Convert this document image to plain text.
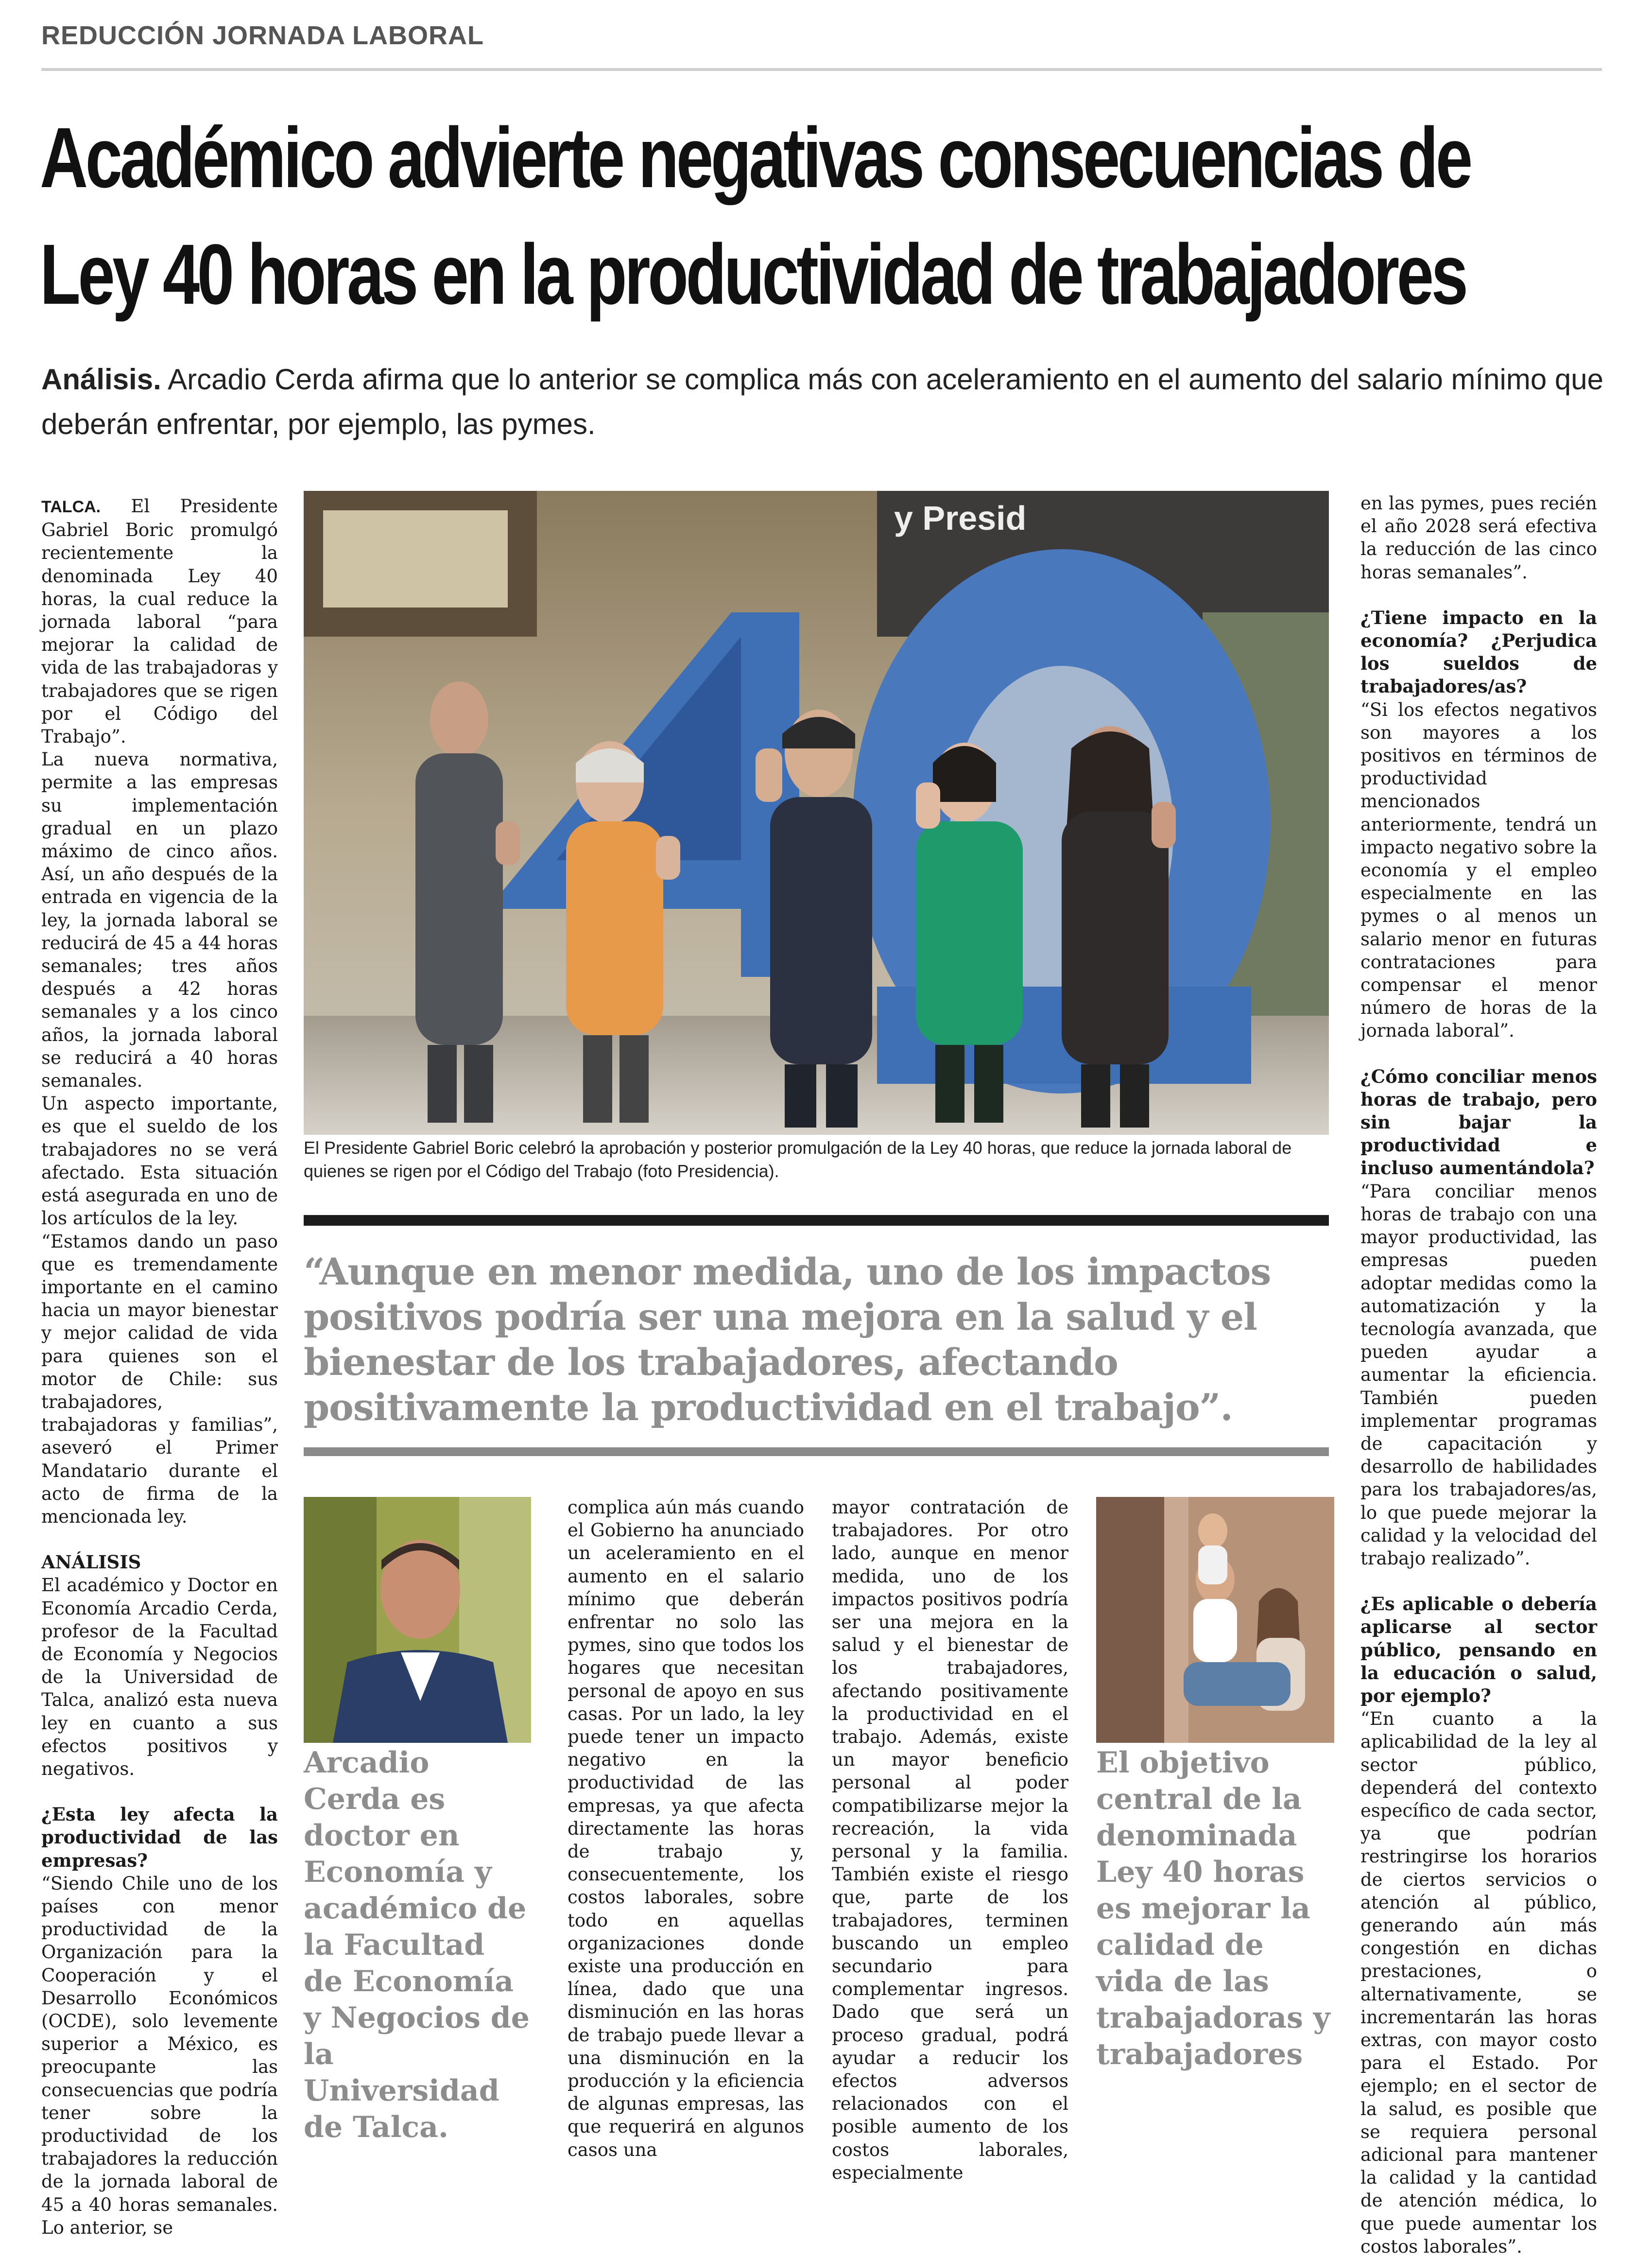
REDUCCIÓN JORNADA LABORAL
Académico advierte negativas consecuencias de
Ley 40 horas en la productividad de trabajadores
Análisis. Arcadio Cerda afirma que lo anterior se complica más con aceleramiento en el aumento del salario mínimo que deberán enfrentar, por ejemplo, las pymes.

TALCA. El Presidente Gabriel Boric promulgó recientemente la denominada Ley 40 horas, la cual reduce la jornada laboral “para mejorar la calidad de vida de las trabajadoras y trabajadores que se rigen por el Código del Trabajo”.

La nueva normativa, permite a las empresas su implementación gradual en un plazo máximo de cinco años. Así, un año después de la entrada en vigencia de la ley, la jornada laboral se reducirá de 45 a 44 horas semanales; tres años después a 42 horas semanales y a los cinco años, la jornada laboral se reducirá a 40 horas semanales.

Un aspecto importante, es que el sueldo de los trabajadores no se verá afectado. Esta situación está asegurada en uno de los artículos de la ley.

“Estamos dando un paso que es tremendamente importante en el camino hacia un mayor bienestar y mejor calidad de vida para quienes son el motor de Chile: sus trabajadores, trabajadoras y familias”, aseveró el Primer Mandatario durante el acto de firma de la mencionada ley.

ANÁLISIS

El académico y Doctor en Economía Arcadio Cerda, profesor de la Facultad de Economía y Negocios de la Universidad de Talca, analizó esta nueva ley en cuanto a sus efectos positivos y negativos.

¿Esta ley afecta la productividad de las empresas?

“Siendo Chile uno de los países con menor productividad de la Organización para la Cooperación y el Desarrollo Económicos (OCDE), solo levemente superior a México, es preocupante las consecuencias que podría tener sobre la productividad de los trabajadores la reducción de la jornada laboral de 45 a 40 horas semanales. Lo anterior, se

y Presid
El Presidente Gabriel Boric celebró la aprobación y posterior promulgación de la Ley 40 horas, que reduce la jornada laboral de quienes se rigen por el Código del Trabajo (foto Presidencia).
“Aunque en menor medida, uno de los impactos positivos podría ser una mejora en la salud y el bienestar de los trabajadores, afectando positivamente la productividad en el trabajo”.
Arcadio Cerda es doctor en Economía y académico de la Facultad de Economía y Negocios de la Universidad de Talca.

complica aún más cuando el Gobierno ha anunciado un aceleramiento en el aumento en el salario mínimo que deberán enfrentar no solo las pymes, sino que todos los hogares que necesitan personal de apoyo en sus casas. Por un lado, la ley puede tener un impacto negativo en la productividad de las empresas, ya que afecta directamente las horas de trabajo y, consecuentemente, los costos laborales, sobre todo en aquellas organizaciones donde existe una producción en línea, dado que una disminución en las horas de trabajo puede llevar a una disminución en la producción y la eficiencia de algunas empresas, las que requerirá en algunos casos una

mayor contratación de trabajadores. Por otro lado, aunque en menor medida, uno de los impactos positivos podría ser una mejora en la salud y el bienestar de los trabajadores, afectando positivamente la productividad en el trabajo. Además, existe un mayor beneficio personal al poder compatibilizarse mejor la recreación, la vida personal y la familia. También existe el riesgo que, parte de los trabajadores, terminen buscando un empleo secundario para complementar ingresos. Dado que será un proceso gradual, podrá ayudar a reducir los efectos adversos relacionados con el posible aumento de los costos laborales, especialmente

El objetivo central de la denominada Ley 40 horas es mejorar la calidad de vida de las trabajadoras y trabajadores

en las pymes, pues recién el año 2028 será efectiva la reducción de las cinco horas semanales”.

¿Tiene impacto en la economía? ¿Perjudica los sueldos de trabajadores/as?

“Si los efectos negativos son mayores a los positivos en términos de productividad mencionados anteriormente, tendrá un impacto negativo sobre la economía y el empleo especialmente en las pymes o al menos un salario menor en futuras contrataciones para compensar el menor número de horas de la jornada laboral”.

¿Cómo conciliar menos horas de trabajo, pero sin bajar la productividad e incluso aumentándola?

“Para conciliar menos horas de trabajo con una mayor productividad, las empresas pueden adoptar medidas como la automatización y la tecnología avanzada, que pueden ayudar a aumentar la eficiencia. También pueden implementar programas de capacitación y desarrollo de habilidades para los trabajadores/as, lo que puede mejorar la calidad y la velocidad del trabajo realizado”.

¿Es aplicable o debería aplicarse al sector público, pensando en la educación o salud, por ejemplo?

“En cuanto a la aplicabilidad de la ley al sector público, dependerá del contexto específico de cada sector, ya que podrían restringirse los horarios de ciertos servicios o atención al público, generando aún más congestión en dichas prestaciones, o alternativamente, se incrementarán las horas extras, con mayor costo para el Estado. Por ejemplo; en el sector de la salud, es posible que se requiera personal adicional para mantener la calidad y la cantidad de atención médica, lo que puede aumentar los costos laborales”.
